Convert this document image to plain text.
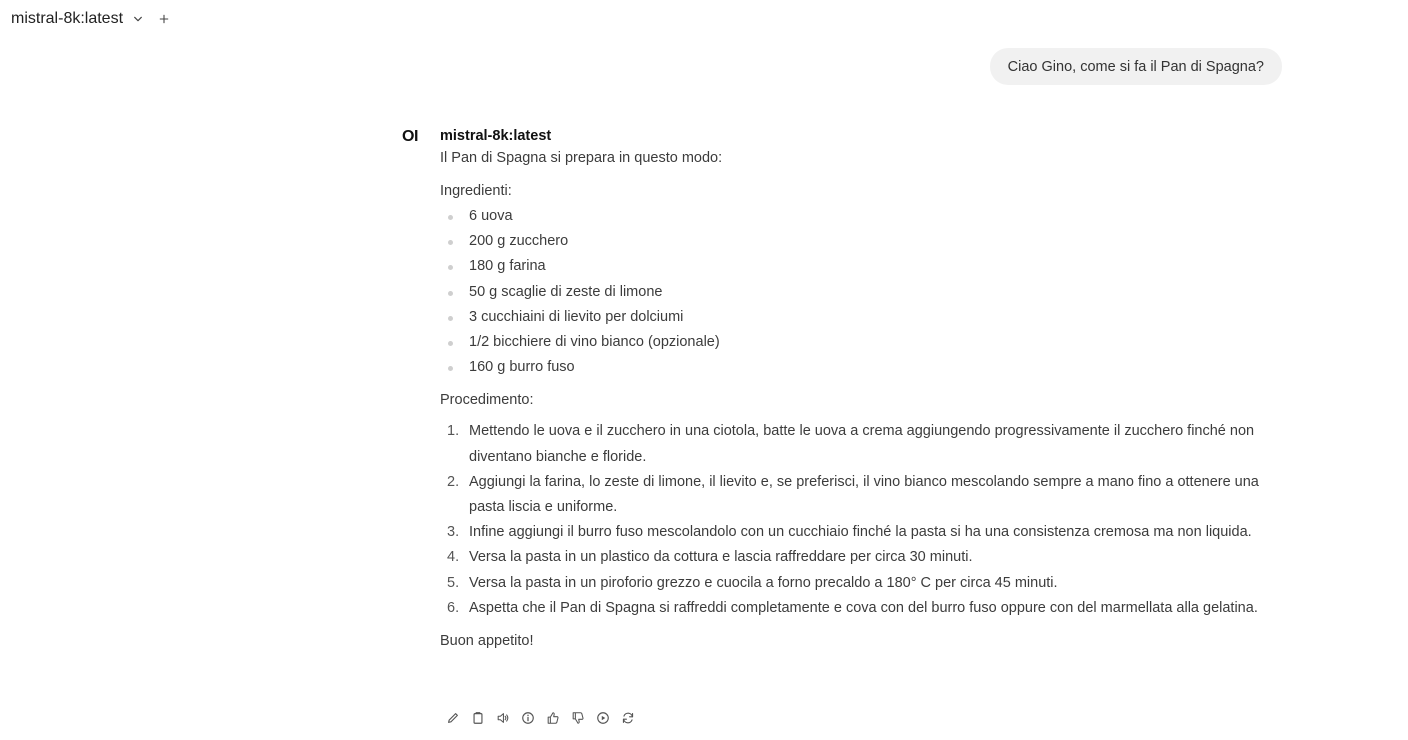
mistral-8k:latest
Ciao Gino, come si fa il Pan di Spagna?
OI mistral-8k:latest

Il Pan di Spagna si prepara in questo modo:

Ingredienti:

6 uova
200 g zucchero
180 g farina
50 g scaglie di zeste di limone
3 cucchiaini di lievito per dolciumi
1/2 bicchiere di vino bianco (opzionale)
160 g burro fuso

Procedimento:

1. Mettendo le uova e il zucchero in una ciotola, batte le uova a crema aggiungendo progressivamente il zucchero finché non diventano bianche e floride.
2. Aggiungi la farina, lo zeste di limone, il lievito e, se preferisci, il vino bianco mescolando sempre a mano fino a ottenere una pasta liscia e uniforme.
3. Infine aggiungi il burro fuso mescolandolo con un cucchiaio finché la pasta si ha una consistenza cremosa ma non liquida.
4. Versa la pasta in un plastico da cottura e lascia raffreddare per circa 30 minuti.
5. Versa la pasta in un piroforio grezzo e cuocila a forno precaldo a 180° C per circa 45 minuti.
6. Aspetta che il Pan di Spagna si raffreddi completamente e cova con del burro fuso oppure con del marmellata alla gelatina.

Buon appetito!
